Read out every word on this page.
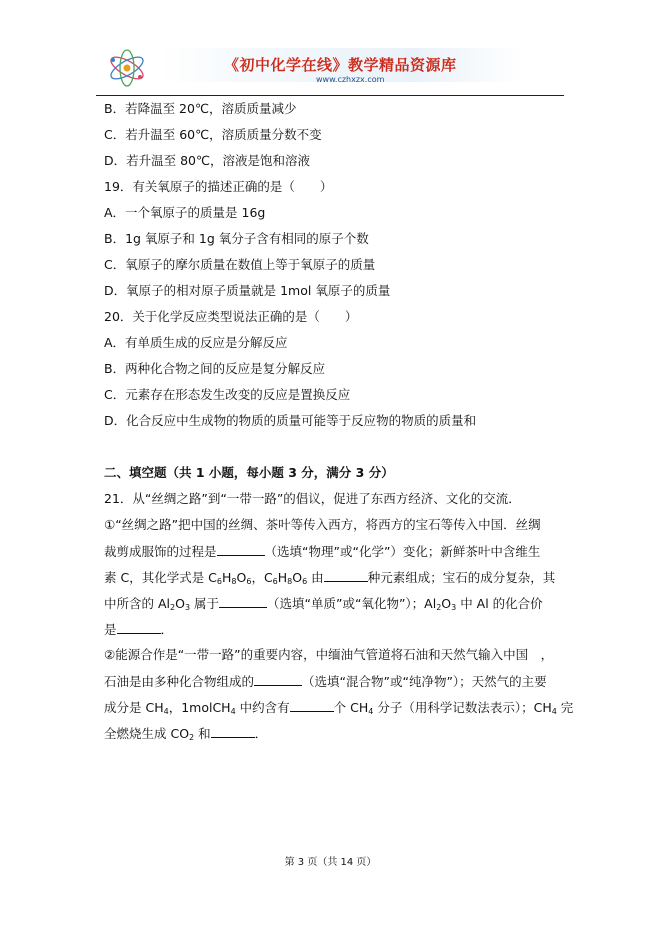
《初中化学在线》教学精品资源库
www.czhxzx.com
B．若降温至 20℃，溶质质量减少
C．若升温至 60℃，溶质质量分数不变
D．若升温至 80℃，溶液是饱和溶液
19．有关氧原子的描述正确的是（　　）
A．一个氧原子的质量是 16g
B．1g 氧原子和 1g 氧分子含有相同的原子个数
C．氧原子的摩尔质量在数值上等于氧原子的质量
D．氧原子的相对原子质量就是 1mol 氧原子的质量
20．关于化学反应类型说法正确的是（　　）
A．有单质生成的反应是分解反应
B．两种化合物之间的反应是复分解反应
C．元素存在形态发生改变的反应是置换反应
D．化合反应中生成物的物质的质量可能等于反应物的物质的质量和
二、填空题（共 1 小题，每小题 3 分，满分 3 分）
21．从“丝绸之路”到“一带一路”的倡议，促进了东西方经济、文化的交流．
①“丝绸之路”把中国的丝绸、茶叶等传入西方，将西方的宝石等传入中国．丝绸
裁剪成服饰的过程是	（选填“物理”或“化学”）变化；新鲜茶叶中含维生
素 C，其化学式是 $C_6H_8O_6$，$C_6H_8O_6$ 由	种元素组成；宝石的成分复杂，其
中所含的 $Al_2O_3$ 属于	（选填“单质”或“氧化物”）；$Al_2O_3$ 中 Al 的化合价
是	．
②能源合作是“一带一路”的重要内容，中缅油气管道将石油和天然气输入中国　，
石油是由多种化合物组成的	（选填“混合物”或“纯净物”）；天然气的主要
成分是 $CH_4$，1molCH$_4$ 中约含有	个 $CH_4$ 分子（用科学记数法表示）；$CH_4$ 完
全燃烧生成 $CO_2$ 和	．
第 3 页（共 14 页）
